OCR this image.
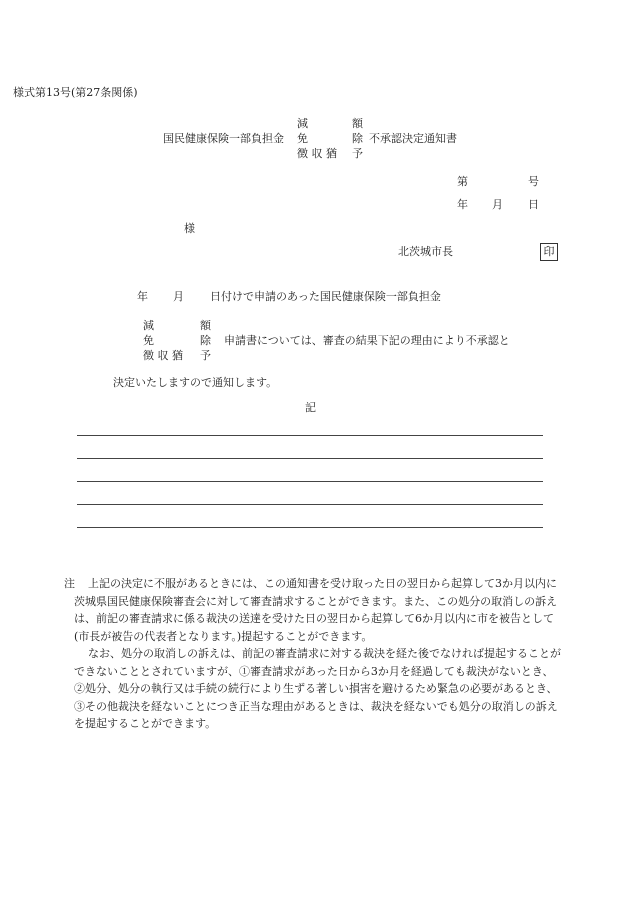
様式第13号(第27条関係)
減	額
国民健康保険一部負担金 免	除 不承認決定通知書
徴 収 猶 予
第	号
年 月 日
様
北茨城市長	印
年 月 日付けで申請のあった国民健康保険一部負担金
減	額
免	除 申請書については、審査の結果下記の理由により不承認と
徴 収 猶 予
決定いたしますので通知します。
記
注	上記の決定に不服があるときには、この通知書を受け取った日の翌日から起算して3か月以内に茨城県国民健康保険審査会に対して審査請求することができます。また、この処分の取消しの訴えは、前記の審査請求に係る裁決の送達を受けた日の翌日から起算して6か月以内に市を被告として(市長が被告の代表者となります。)提起することができます。
なお、処分の取消しの訴えは、前記の審査請求に対する裁決を経た後でなければ提起することができないこととされていますが、①審査請求があった日から3か月を経過しても裁決がないとき、②処分、処分の執行又は手続の続行により生ずる著しい損害を避けるため緊急の必要があるとき、③その他裁決を経ないことにつき正当な理由があるときは、裁決を経ないでも処分の取消しの訴えを提起することができます。
